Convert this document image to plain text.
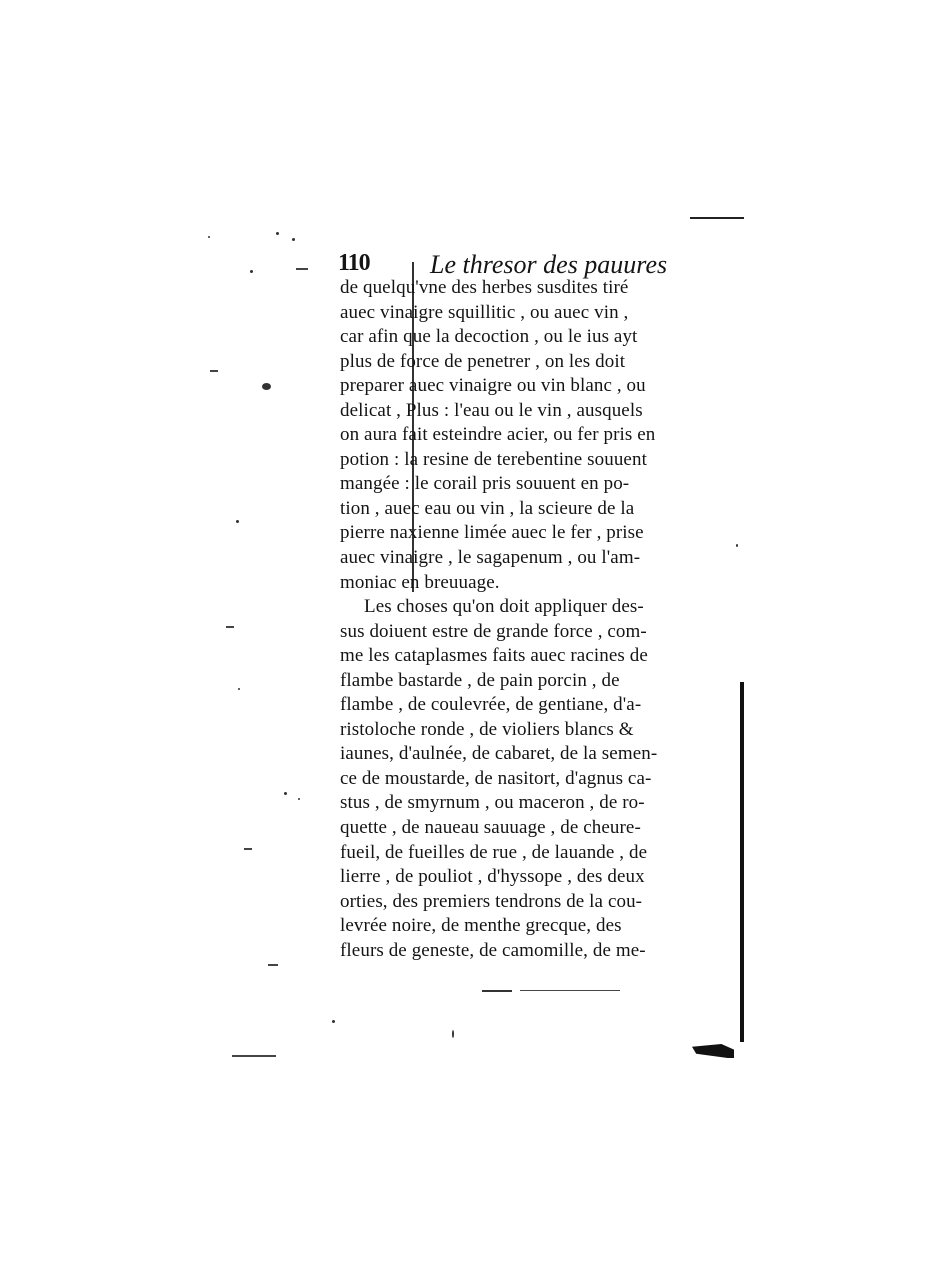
110 Le thresor des pauures
de quelqu'vne des herbes susdites tiré
auec vinaigre squillitic , ou auec vin ,
car afin que la decoction , ou le ius ayt
plus de force de penetrer , on les doit
preparer auec vinaigre ou vin blanc , ou
delicat , Plus : l'eau ou le vin , ausquels
on aura fait esteindre acier, ou fer pris en
potion : la resine de terebentine souuent
mangée : le corail pris souuent en po-
tion , auec eau ou vin , la scieure de la
pierre naxienne limée auec le fer , prise
auec vinaigre , le sagapenum , ou l'am-
moniac en breuuage.
Les choses qu'on doit appliquer des-
sus doiuent estre de grande force , com-
me les cataplasmes faits auec racines de
flambe bastarde , de pain porcin , de
flambe , de coulevrée, de gentiane, d'a-
ristoloche ronde , de violiers blancs &
iaunes, d'aulnée, de cabaret, de la semen-
ce de moustarde, de nasitort, d'agnus ca-
stus , de smyrnum , ou maceron , de ro-
quette , de naueau sauuage , de cheure-
fueil, de fueilles de rue , de lauande , de
lierre , de pouliot , d'hyssope , des deux
orties, des premiers tendrons de la cou-
levrée noire, de menthe grecque, des
fleurs de geneste, de camomille, de me-
